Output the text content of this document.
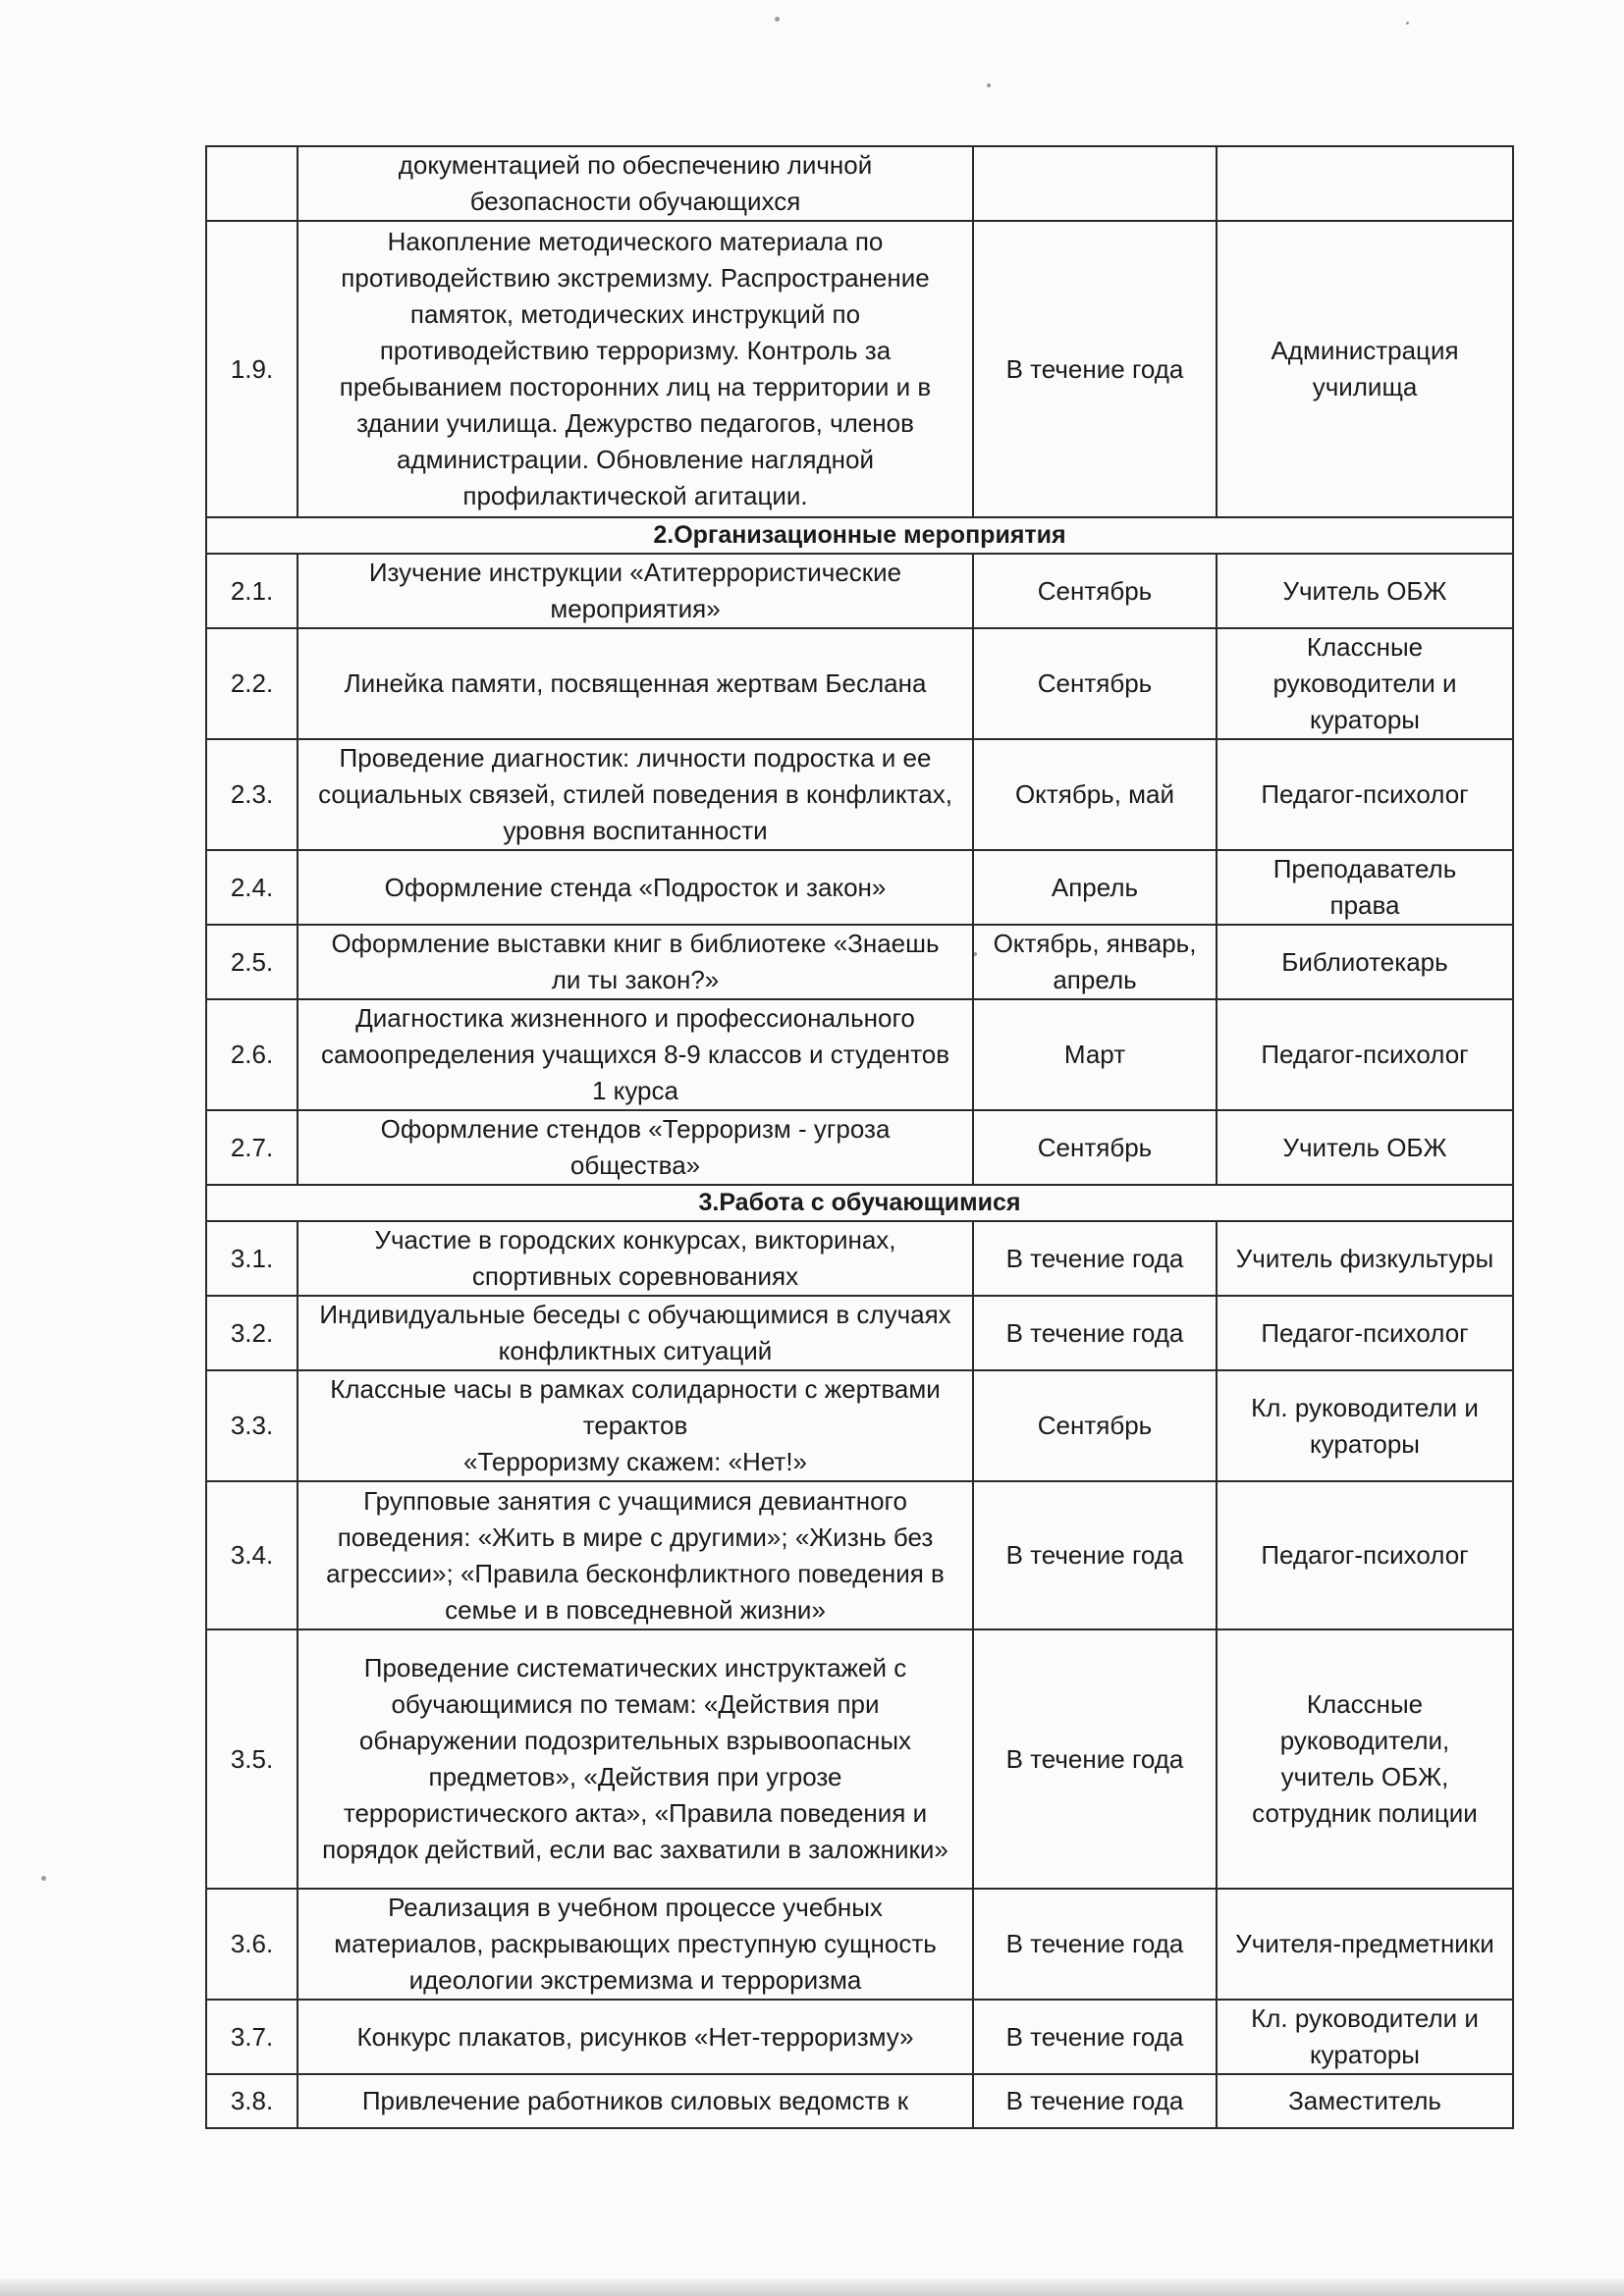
	документацией по обеспечению личной
безопасности обучающихся		
1.9.	Накопление методического материала по противодействию экстремизму. Распространение памяток, методических инструкций по противодействию терроризму. Контроль за пребыванием посторонних лиц на территории и в здании училища. Дежурство педагогов, членов администрации. Обновление наглядной профилактической агитации.	В течение года	Администрация училища
2.Организационные мероприятия			
2.1.	Изучение инструкции «Атитеррористические мероприятия»	Сентябрь	Учитель ОБЖ
2.2.	Линейка памяти, посвященная жертвам Беслана	Сентябрь	Классные руководители и кураторы
2.3.	Проведение диагностик: личности подростка и ее социальных связей, стилей поведения в конфликтах, уровня воспитанности	Октябрь, май	Педагог-психолог
2.4.	Оформление стенда «Подросток и закон»	Апрель	Преподаватель права
2.5.	Оформление выставки книг в библиотеке «Знаешь ли ты закон?»	Октябрь, январь, апрель	Библиотекарь
2.6.	Диагностика жизненного и профессионального самоопределения учащихся 8-9 классов и студентов 1 курса	Март	Педагог-психолог
2.7.	Оформление стендов «Терроризм - угроза общества»	Сентябрь	Учитель ОБЖ
3.Работа с обучающимися			
3.1.	Участие в городских конкурсах, викторинах, спортивных соревнованиях	В течение года	Учитель физкультуры
3.2.	Индивидуальные беседы с обучающимися в случаях конфликтных ситуаций	В течение года	Педагог-психолог
3.3.	Классные часы в рамках солидарности с жертвами терактов
«Терроризму скажем: «Нет!»	Сентябрь	Кл. руководители и кураторы
3.4.	Групповые занятия с учащимися девиантного поведения: «Жить в мире с другими»; «Жизнь без агрессии»; «Правила бесконфликтного поведения в семье и в повседневной жизни»	В течение года	Педагог-психолог
3.5.	Проведение систематических инструктажей с обучающимися по темам: «Действия при обнаружении подозрительных взрывоопасных предметов», «Действия при угрозе террористического акта», «Правила поведения и порядок действий, если вас захватили в заложники»	В течение года	Классные руководители, учитель ОБЖ, сотрудник полиции
3.6.	Реализация в учебном процессе учебных материалов, раскрывающих преступную сущность идеологии экстремизма и терроризма	В течение года	Учителя-предметники
3.7.	Конкурс плакатов, рисунков «Нет-терроризму»	В течение года	Кл. руководители и кураторы
3.8.	Привлечение работников силовых ведомств к	В течение года	Заместитель
